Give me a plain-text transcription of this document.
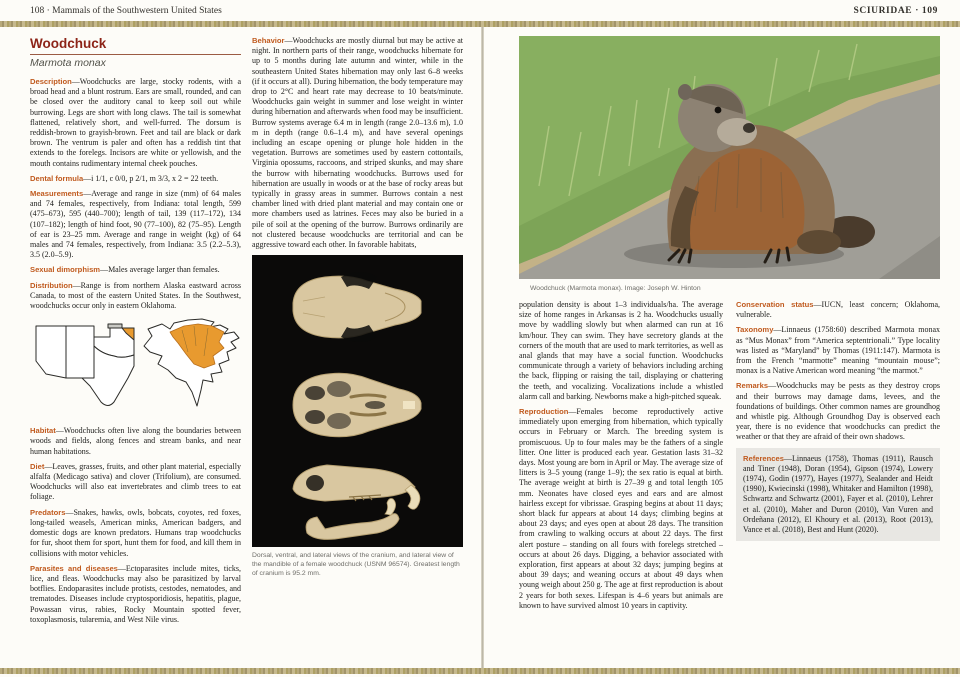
108 · Mammals of the Southwestern United States	SCIURIDAE · 109
Woodchuck
Marmota monax

Description—Woodchucks are large, stocky rodents, with a broad head and a blunt rostrum. Ears are small, rounded, and can be closed over the auditory canal to keep soil out while burrowing. Legs are short with long claws. The tail is somewhat flattened, relatively short, and well-furred. The dorsum is reddish-brown to grayish-brown. Feet and tail are black or dark brown. The ventrum is paler and often has a reddish tint that extends to the forelegs. Incisors are white or yellowish, and the mouth contains rudimentary internal cheek pouches.

Dental formula—i 1/1, c 0/0, p 2/1, m 3/3, x 2 = 22 teeth.

Measurements—Average and range in size (mm) of 64 males and 74 females, respectively, from Indiana: total length, 599 (475–673), 595 (440–700); length of tail, 139 (117–172), 134 (107–182); length of hind foot, 90 (77–100), 82 (75–95). Length of ear is 23–25 mm. Average and range in weight (kg) of 64 males and 74 females, respectively, from Indiana: 3.5 (2.2–5.3), 3.5 (2.0–5.9).

Sexual dimorphism—Males average larger than females.

Distribution—Range is from northern Alaska eastward across Canada, to most of the eastern United States. In the Southwest, woodchucks occur only in eastern Oklahoma.

Habitat—Woodchucks often live along the boundaries between woods and fields, along fences and stream banks, and near human habitations.

Diet—Leaves, grasses, fruits, and other plant material, especially alfalfa (Medicago sativa) and clover (Trifolium), are consumed. Woodchucks will also eat invertebrates and climb trees to eat foliage.

Predators—Snakes, hawks, owls, bobcats, coyotes, red foxes, long-tailed weasels, American minks, American badgers, and domestic dogs are known predators. Humans trap woodchucks for fur, shoot them for sport, hunt them for food, and kill them in collisions with motor vehicles.

Parasites and diseases—Ectoparasites include mites, ticks, lice, and fleas. Woodchucks may also be parasitized by larval botflies. Endoparasites include protists, cestodes, nematodes, and trematodes. Diseases include cryptosporidiosis, hepatitis, plague, Powassan virus, rabies, Rocky Mountain spotted fever, toxoplasmosis, tularemia, and West Nile virus.

Behavior—Woodchucks are mostly diurnal but may be active at night. In northern parts of their range, woodchucks hibernate for up to 5 months during late autumn and winter, while in the southeastern United States hibernation may only last 6–8 weeks (if it occurs at all). During hibernation, the body temperature may drop to 2°C and heart rate may decrease to 10 beats/minute. Woodchucks gain weight in summer and lose weight in winter during hibernation and afterwards when food may be insufficient. Burrow systems average 6.4 m in length (range 2.0–13.6 m), 1.0 m in depth (range 0.6–1.4 m), and have several openings including an escape opening or plunge hole hidden in the vegetation. Burrows are sometimes used by eastern cottontails, Virginia opossums, raccoons, and striped skunks, and may share the burrow with hibernating woodchucks. Burrows used for hibernation are usually in woods or at the base of rocky areas but typically in grassy areas in summer. Burrows contain a nest chamber lined with dried plant material and may contain one or more chambers used as latrines. Feces may also be buried in a pile of soil at the opening of the burrow. Burrows ordinarily are not clustered because woodchucks are territorial and can be aggressive toward each other. In favorable habitats,

Dorsal, ventral, and lateral views of the cranium, and lateral view of the mandible of a female woodchuck (USNM 96574). Greatest length of cranium is 95.2 mm.
Woodchuck (Marmota monax). Image: Joseph W. Hinton

population density is about 1–3 individuals/ha. The average size of home ranges in Arkansas is 2 ha. Woodchucks usually move by waddling slowly but when alarmed can run at 16 km/hour. They can swim. They have secretory glands at the corners of the mouth that are used to mark territories, as well as anal glands that may have a social function. Woodchucks communicate through a variety of behaviors including arching the back, flipping or raising the tail, displaying or chattering the teeth, and vocalizing. Vocalizations include a whistled alarm call and barking. Newborns make a high-pitched squeak.

Reproduction—Females become reproductively active immediately upon emerging from hibernation, which typically occurs in February or March. The breeding system is promiscuous. Up to four males may be the fathers of a single litter. One litter is produced each year. Gestation lasts 31–32 days. Most young are born in April or May. The average size of litters is 3–5 young (range 1–9); the sex ratio is equal at birth. The average weight at birth is 27–39 g and total length 105 mm. Neonates have closed eyes and ears and are almost hairless except for vibrissae. Grasping begins at about 11 days; short black fur appears at about 14 days; climbing begins at about 23 days; and eyes open at about 28 days. The transition from crawling to walking occurs at about 22 days. The first alert posture – standing on all fours with forelegs stretched – occurs at about 26 days. Digging, a behavior associated with exploration, first appears at about 32 days; jumping begins at about 39 days; and weaning occurs at about 49 days when young weigh about 250 g. The age at first reproduction is about 2 years for both sexes. Lifespan is 4–6 years but animals are known to have survived almost 10 years in captivity.

Conservation status—IUCN, least concern; Oklahoma, vulnerable.

Taxonomy—Linnaeus (1758:60) described Marmota monax as “Mus Monax” from “America septentrionali.” Type locality was listed as “Maryland” by Thomas (1911:147). Marmota is from the French “marmotte” meaning “mountain mouse”; monax is a Native American word meaning “the marmot.”

Remarks—Woodchucks may be pests as they destroy crops and their burrows may damage dams, levees, and the foundations of buildings. Other common names are groundhog and whistle pig. Although Groundhog Day is observed each year, there is no evidence that woodchucks can predict the weather or that they are afraid of their own shadows.

References—Linnaeus (1758), Thomas (1911), Rausch and Tiner (1948), Doran (1954), Gipson (1974), Lowery (1974), Godin (1977), Hayes (1977), Sealander and Heidt (1990), Kwiecinski (1998), Whitaker and Hamilton (1998), Schwartz and Schwartz (2001), Fayer et al. (2010), Lehrer et al. (2010), Maher and Duron (2010), Van Vuren and Ordeñana (2012), El Khoury et al. (2013), Root (2013), Vance et al. (2018), Best and Hunt (2020).
